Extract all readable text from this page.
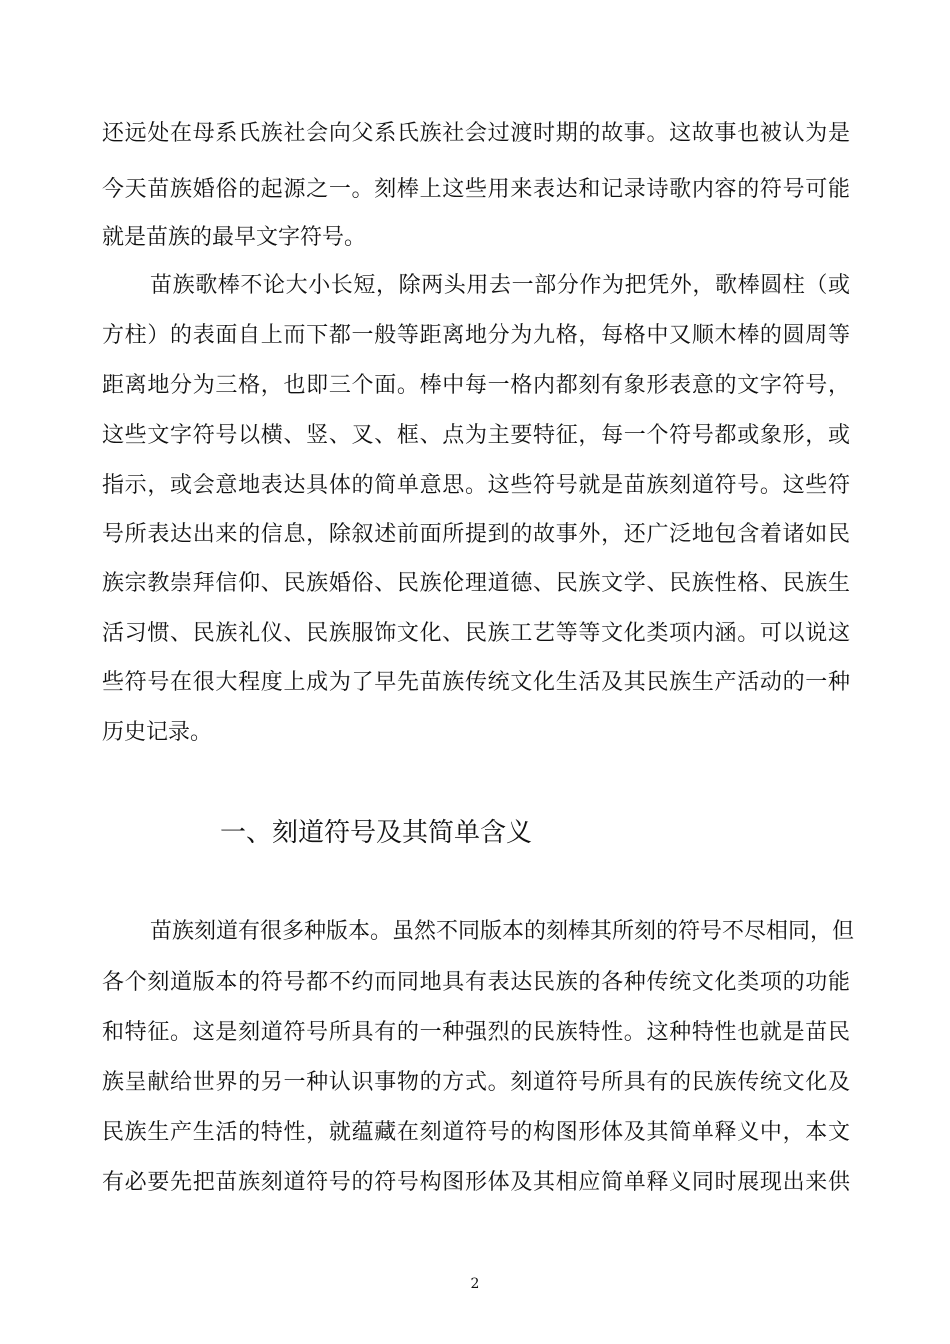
还远处在母系氏族社会向父系氏族社会过渡时期的故事。这故事也被认为是
今天苗族婚俗的起源之一。刻棒上这些用来表达和记录诗歌内容的符号可能
就是苗族的最早文字符号。
苗族歌棒不论大小长短，除两头用去一部分作为把凭外，歌棒圆柱（或
方柱）的表面自上而下都一般等距离地分为九格，每格中又顺木棒的圆周等
距离地分为三格，也即三个面。棒中每一格内都刻有象形表意的文字符号，
这些文字符号以横、竖、叉、框、点为主要特征，每一个符号都或象形，或
指示，或会意地表达具体的简单意思。这些符号就是苗族刻道符号。这些符
号所表达出来的信息，除叙述前面所提到的故事外，还广泛地包含着诸如民
族宗教崇拜信仰、民族婚俗、民族伦理道德、民族文学、民族性格、民族生
活习惯、民族礼仪、民族服饰文化、民族工艺等等文化类项内涵。可以说这
些符号在很大程度上成为了早先苗族传统文化生活及其民族生产活动的一种
历史记录。
一、刻道符号及其简单含义
苗族刻道有很多种版本。虽然不同版本的刻棒其所刻的符号不尽相同，但
各个刻道版本的符号都不约而同地具有表达民族的各种传统文化类项的功能
和特征。这是刻道符号所具有的一种强烈的民族特性。这种特性也就是苗民
族呈献给世界的另一种认识事物的方式。刻道符号所具有的民族传统文化及
民族生产生活的特性，就蕴藏在刻道符号的构图形体及其简单释义中，本文
有必要先把苗族刻道符号的符号构图形体及其相应简单释义同时展现出来供
2
